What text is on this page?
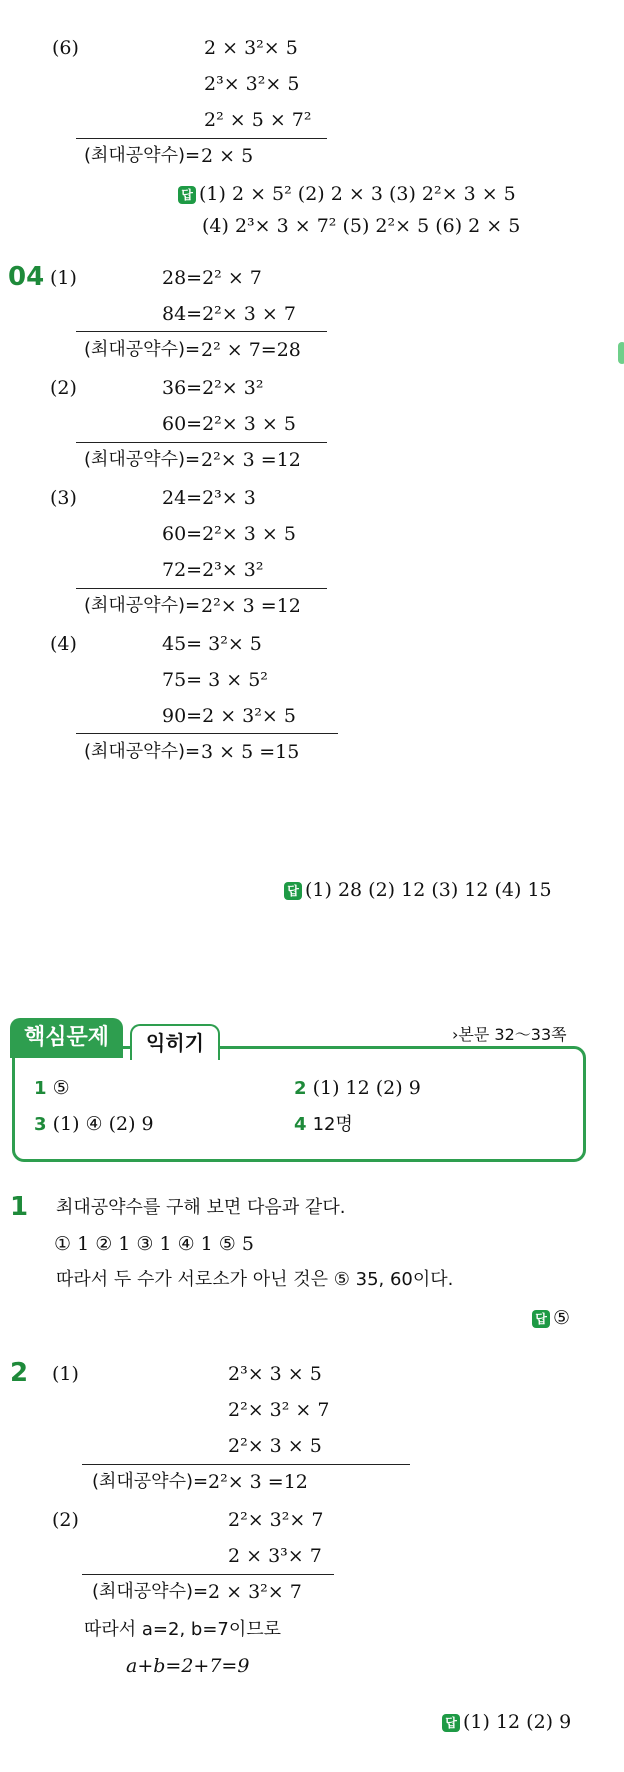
(6)	2 × 3²× 5
2³× 3²× 5
2² × 5 × 7²
(최대공약수)= 2 × 5
답 (1) 2 × 5² (2) 2 × 3 (3) 2²× 3 × 5
(4) 2³× 3 × 7² (5) 2²× 5 (6) 2 × 5
04 (1)	28=2² × 7
84=2²× 3 × 7
(최대공약수)= 2² × 7=28
(2)	36=2²× 3²
60=2²× 3 × 5
(최대공약수)= 2²× 3 =12
(3)	24=2³× 3
60=2²× 3 × 5
72=2³× 3²
(최대공약수)= 2²× 3 =12
(4)	45= 3²× 5
75= 3 × 5²
90=2 × 3²× 5
(최대공약수)= 3 × 5 =15
답 (1) 28 (2) 12 (3) 12 (4) 15
핵심문제	익히기	›본문 32～33쪽
1 ⑤	2 (1) 12 (2) 9
3 (1) ④ (2) 9	4 12명
1 최대공약수를 구해 보면 다음과 같다.
① 1 ② 1 ③ 1 ④ 1 ⑤ 5
따라서 두 수가 서로소가 아닌 것은 ⑤ 35, 60이다.
답 ⑤
2 (1)	2³× 3 × 5
2²× 3² × 7
2²× 3 × 5
(최대공약수)= 2²× 3 =12
(2)	2²× 3²× 7
2 × 3³× 7
(최대공약수)= 2 × 3²× 7
따라서 a=2, b=7이므로
a+b=2+7=9
답 (1) 12 (2) 9
